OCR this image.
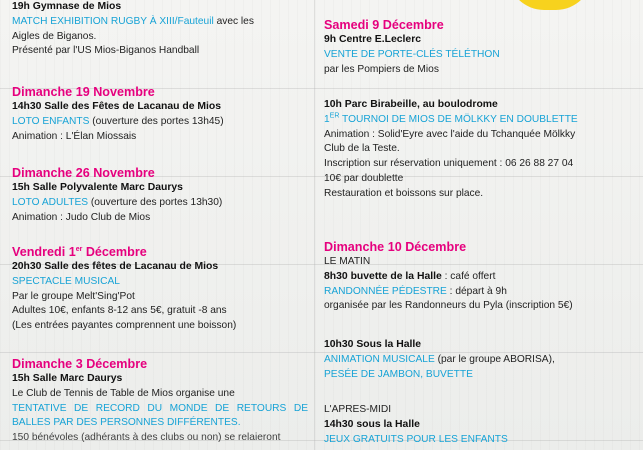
19h Gymnase de Mios
MATCH EXHIBITION RUGBY À XIII/Fauteuil avec les
Aigles de Biganos.
Présenté par l'US Mios-Biganos Handball
Dimanche 19 Novembre
14h30 Salle des Fêtes de Lacanau de Mios
LOTO ENFANTS (ouverture des portes 13h45)
Animation : L'Élan Miossais
Dimanche 26 Novembre
15h Salle Polyvalente Marc Daurys
LOTO ADULTES (ouverture des portes 13h30)
Animation : Judo Club de Mios
Vendredi 1er Décembre
20h30 Salle des fêtes de Lacanau de Mios
SPECTACLE MUSICAL
Par le groupe Melt'Sing'Pot
Adultes 10€, enfants 8-12 ans 5€, gratuit -8 ans
(Les entrées payantes comprennent une boisson)
Dimanche 3 Décembre
15h Salle Marc Daurys
Le Club de Tennis de Table de Mios organise une
TENTATIVE DE RECORD DU MONDE DE RETOURS DE BALLES PAR DES PERSONNES DIFFÉRENTES.
150 bénévoles (adhérants à des clubs ou non) se relaieront
Samedi 9 Décembre
9h Centre E.Leclerc
VENTE DE PORTE-CLÉS TÉLÉTHON
par les Pompiers de Mios
10h Parc Birabeille, au boulodrome
1ER TOURNOI DE MIOS DE MÖLKKY EN DOUBLETTE
Animation : Solid'Eyre avec l'aide du Tchanquée Mölkky
Club de la Teste.
Inscription sur réservation uniquement : 06 26 88 27 04
10€ par doublette
Restauration et boissons sur place.
Dimanche 10 Décembre
LE MATIN
8h30 buvette de la Halle : café offert
RANDONNÉE PÉDESTRE : départ à 9h
organisée par les Randonneurs du Pyla (inscription 5€)
10h30 Sous la Halle
ANIMATION MUSICALE (par le groupe ABORISA),
PESÉE DE JAMBON, BUVETTE
L'APRES-MIDI
14h30 sous la Halle
JEUX GRATUITS POUR LES ENFANTS
